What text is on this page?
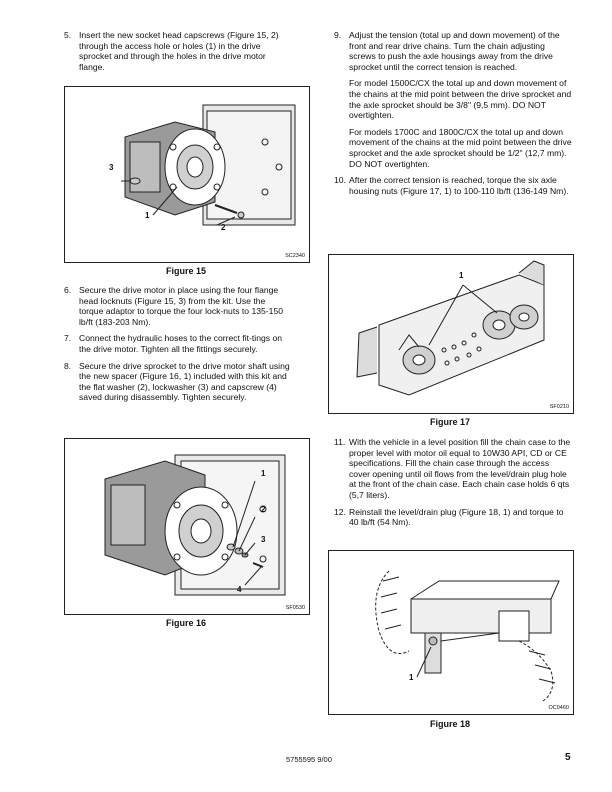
5. Insert the new socket head capscrews (Figure 15, 2) through the access hole or holes (1) in the drive sprocket and through the holes in the drive motor flange.

3
1
2
SC2340
Figure 15
6. Secure the drive motor in place using the four flange head locknuts (Figure 15, 3) from the kit. Use the torque adaptor to torque the four lock-nuts to 135-150 lb/ft (183-203 Nm).

7. Connect the hydraulic hoses to the correct fit-tings on the drive motor. Tighten all the fittings securely.

8. Secure the drive sprocket to the drive motor shaft using the new spacer (Figure 16, 1) included with this kit and the flat washer (2), lockwasher (3) and capscrew (4) saved during disassembly. Tighten securely.

1
2
3
4
SF0530
Figure 16
9. Adjust the tension (total up and down movement) of the front and rear drive chains. Turn the chain adjusting screws to push the axle housings away from the drive sprocket until the correct tension is reached.

For model 1500C/CX the total up and down movement of the chains at the mid point between the drive sprocket and the axle sprocket should be 3/8" (9,5 mm). DO NOT overtighten.

For models 1700C and 1800C/CX the total up and down movement of the chains at the mid point between the drive sprocket and the axle sprocket should be 1/2" (12,7 mm). DO NOT overtighten.

10. After the correct tension is reached, torque the six axle housing nuts (Figure 17, 1) to 100-110 lb/ft (136-149 Nm).

1
SF0210
Figure 17
11. With the vehicle in a level position fill the chain case to the proper level with motor oil equal to 10W30 API, CD or CE specifications. Fill the chain case through the access cover opening until oil flows from the level/drain plug hole at the front of the chain case. Each chain case holds 6 qts (5,7 liters).

12. Reinstall the level/drain plug (Figure 18, 1) and torque to 40 lb/ft (54 Nm).

1
OC0460
Figure 18
5755595 9/00	5
